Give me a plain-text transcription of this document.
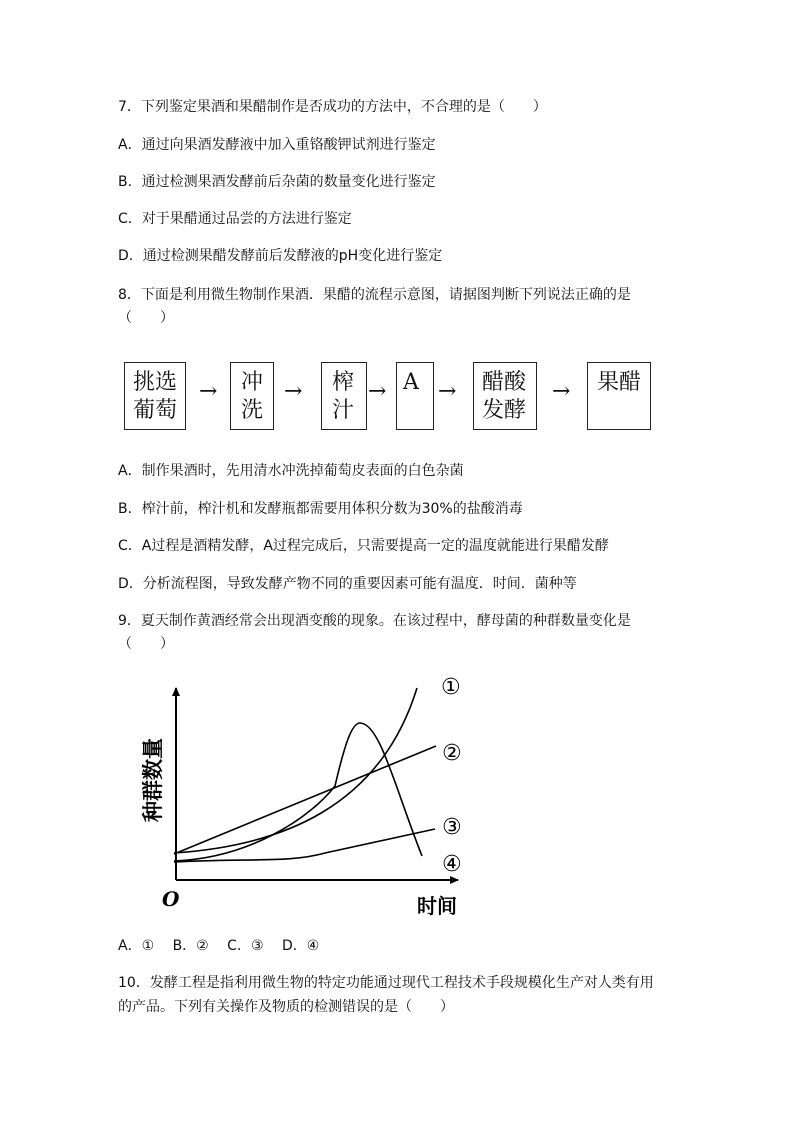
7．下列鉴定果酒和果醋制作是否成功的方法中，不合理的是（　　）
A．通过向果酒发酵液中加入重铬酸钾试剂进行鉴定
B．通过检测果酒发酵前后杂菌的数量变化进行鉴定
C．对于果醋通过品尝的方法进行鉴定
D．通过检测果醋发酵前后发酵液的pH变化进行鉴定
8．下面是利用微生物制作果酒．果醋的流程示意图，请据图判断下列说法正确的是
（　　）
挑选
葡萄
→ 冲
洗
→ 榨
汁
→ A → 醋酸
发酵
→ 果醋
A．制作果酒时，先用清水冲洗掉葡萄皮表面的白色杂菌
B．榨汁前，榨汁机和发酵瓶都需要用体积分数为30%的盐酸消毒
C．A过程是酒精发酵，A过程完成后，只需要提高一定的温度就能进行果醋发酵
D．分析流程图，导致发酵产物不同的重要因素可能有温度．时间．菌种等
9．夏天制作黄酒经常会出现酒变酸的现象。在该过程中，酵母菌的种群数量变化是
（　　）
种群数量
O	时间
①
②
③
④
A．①　 B．②　 C．③　 D．④
10．发酵工程是指利用微生物的特定功能通过现代工程技术手段规模化生产对人类有用
的产品。下列有关操作及物质的检测错误的是（　　）
